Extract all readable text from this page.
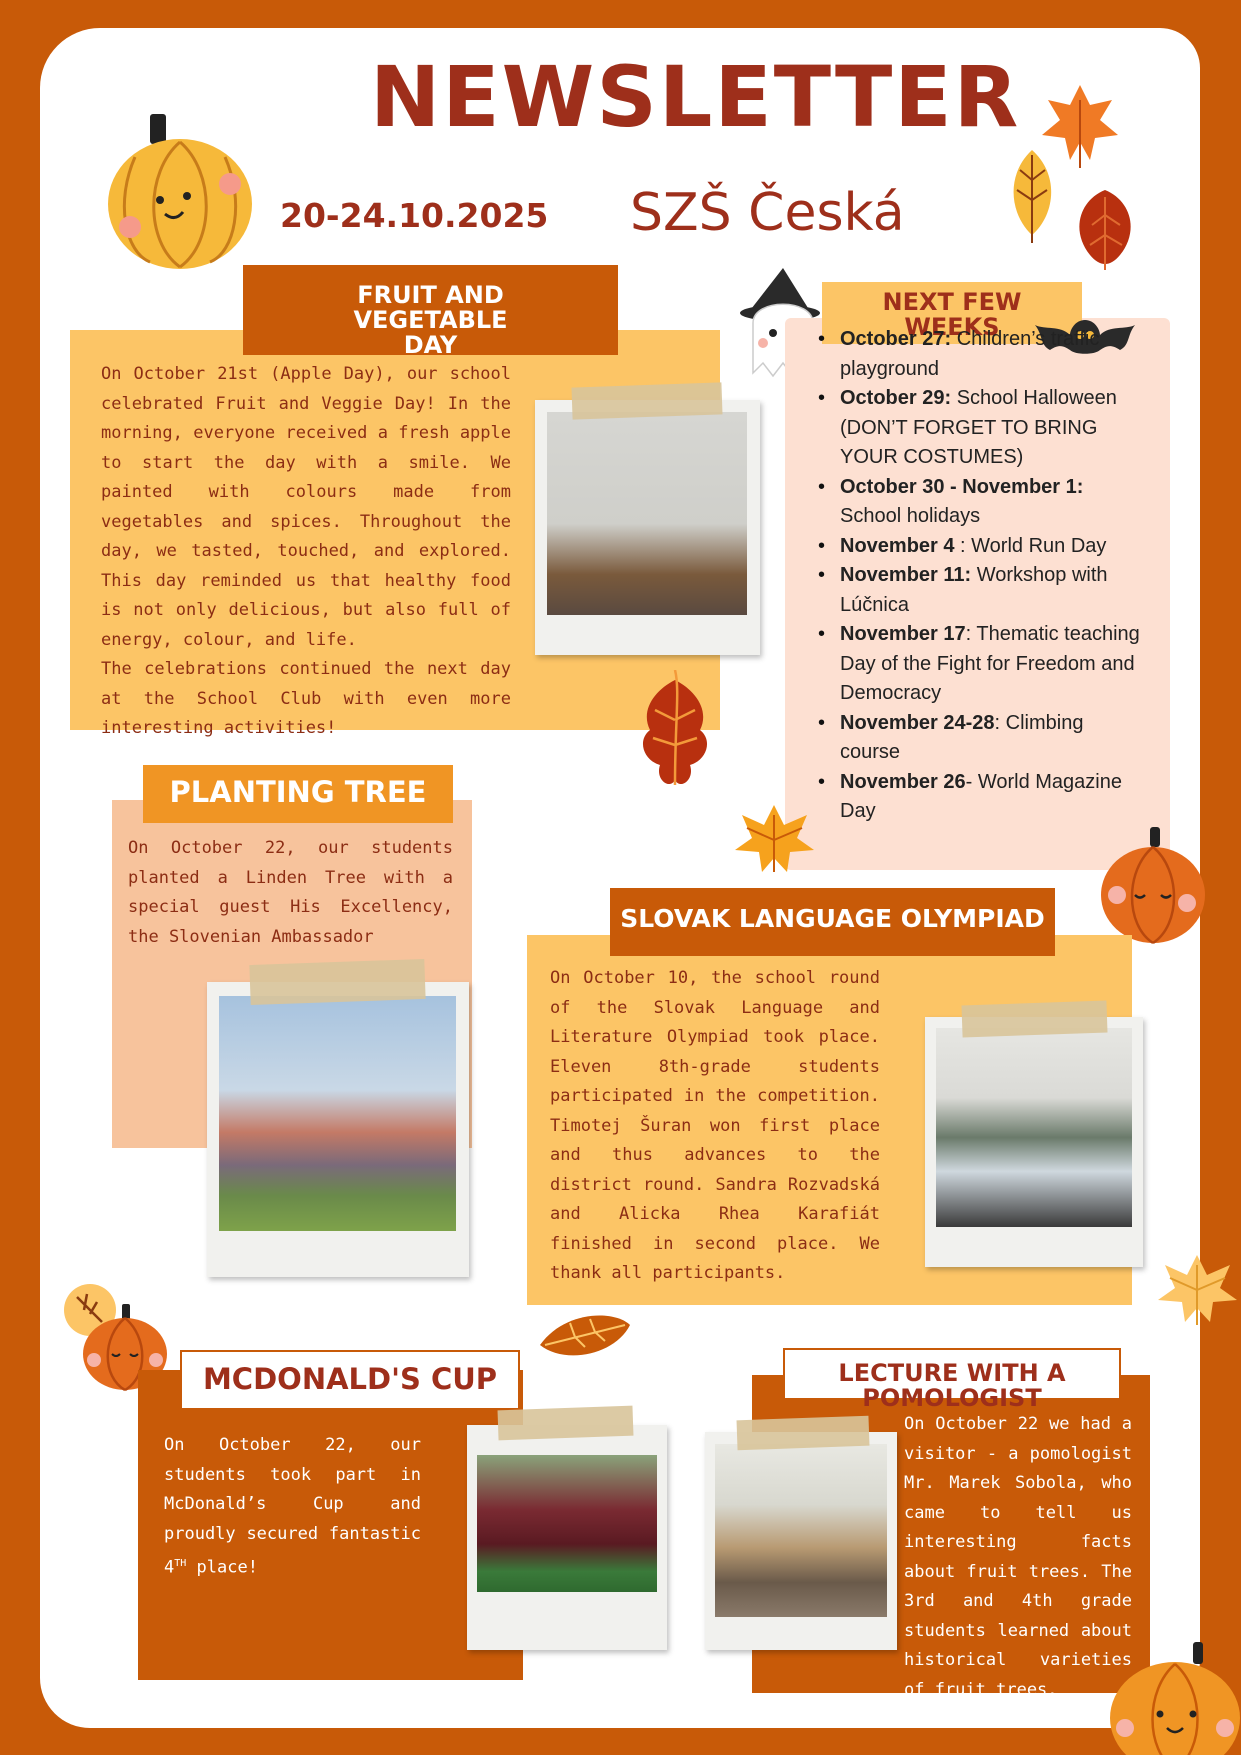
NEWSLETTER
20-24.10.2025 SZŠ Česká
FRUIT AND VEGETABLE DAY

On October 21st (Apple Day), our school celebrated Fruit and Veggie Day! In the morning, everyone received a fresh apple to start the day with a smile. We painted with colours made from vegetables and spices. Throughout the day, we tasted, touched, and explored. This day reminded us that healthy food is not only delicious, but also full of energy, colour, and life.
The celebrations continued the next day at the School Club with even more interesting activities!

NEXT FEW WEEKS
• October 27: Children’s traffic playground
• October 29: School Halloween (DON’T FORGET TO BRING YOUR COSTUMES)
• October 30 - November 1: School holidays
• November 4 : World Run Day
• November 11: Workshop with Lúčnica
• November 17: Thematic teaching Day of the Fight for Freedom and Democracy
• November 24-28: Climbing course
• November 26- World Magazine Day
PLANTING TREE

On October 22, our students planted a Linden Tree with a special guest His Excellency, the Slovenian Ambassador

SLOVAK LANGUAGE OLYMPIAD

On October 10, the school round of the Slovak Language and Literature Olympiad took place. Eleven 8th-grade students participated in the competition. Timotej Šuran won first place and thus advances to the district round. Sandra Rozvadská and Alicka Rhea Karafiát finished in second place. We thank all participants.

MCDONALD'S CUP

On October 22, our students took part in McDonald’s Cup and proudly secured fantastic 4TH place!

LECTURE WITH A POMOLOGIST

On October 22 we had a visitor - a pomologist Mr. Marek Sobola, who came to tell us interesting facts about fruit trees. The 3rd and 4th grade students learned about historical varieties of fruit trees.
